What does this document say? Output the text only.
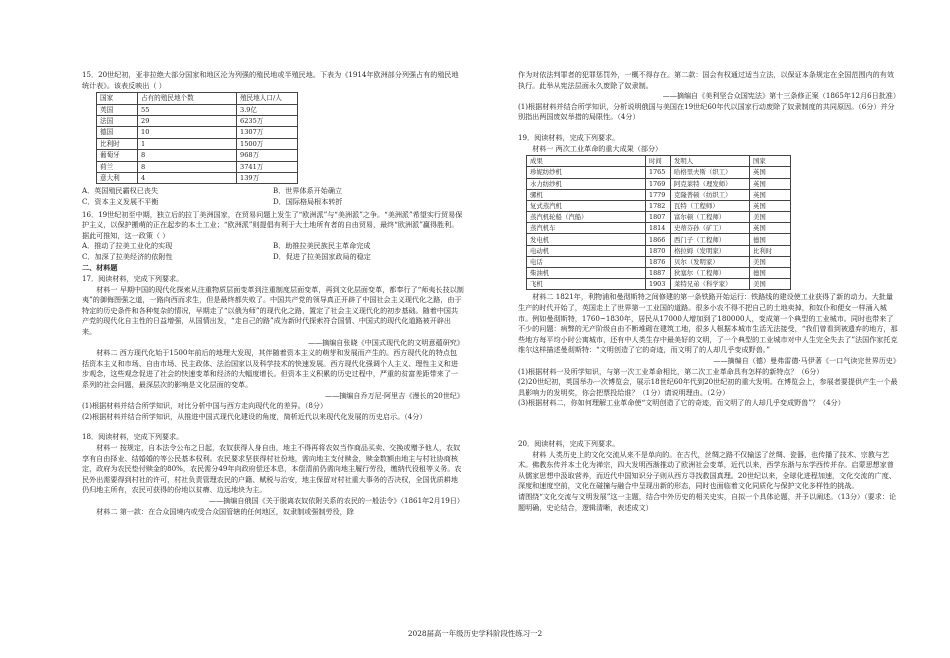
15．20世纪初，亚非拉绝大部分国家和地区沦为列强的殖民地或半殖民地。下表为《1914年欧洲部分列强占有的殖民地统计表》。该表反映出（ ）

国家	占有的殖民地个数	殖民地人口/人
英国	55	3.9亿
法国	29	6235万
德国	10	1307万
比利时	1	1500万
葡萄牙	8	968万
荷兰	8	3741万
意大利	4	139万
A．英国殖民霸权已丧失	B．世界体系开始确立
C．资本主义发展不平衡	D．国际格局根本转折

16．19世纪初至中期，独立后的拉丁美洲国家，在贸易问题上发生了“欧洲派”与“美洲派”之争。“美洲派”希望实行贸易保护主义，以保护搬萌的正在起步的本土工业；“欧洲派”则提倡有利于大土地所有者的自由贸易，最终“欧洲派”赢得胜利。据此可推知，这一政策（ ）

A．推动了拉美工业化的实现	B．助推拉美民族民主革命完成
C．加深了拉美经济的依附性	D．促进了拉美国家政局的稳定

二、材料题

17．阅读材料，完成下列要求。

材料一 早期中国的现代化探索从注重物质层面变革到注重制度层面变革，再到文化层面变革，都奉行了“师夷长技以制夷”的御侮图强之道，一路向西而求生，但是最终都失败了。中国共产党的领导真正开辟了中国社会主义现代化之路，由于特定的历史条件和各种复杂的情况，早期走了“以俄为师”的现代化之路，置定了社会主义现代化的初步基础。随着中国共产党的现代化自主性的日益增强，从国情出发，“走自己的路”成为新时代探索符合国情、中国式的现代化道路被开辟出来。

——摘编自张晓《中国式现代化的文明意蕴研究》

材料二 西方现代化始于1500年前后的地理大发现，其伴随着资本主义的萌芽和发展而产生的。西方现代化的特点包括资本主义和市场、自由市场、民主政体、法治国家以及科学技术的快速发展。西方现代化强调个人主义、理性主义和进步观念，这些观念促进了社会的快速变革和经济的大幅度增长。但资本主义积累的历史过程中，严重的贫富差距带来了一系列的社会问题，最深层次的影响是文化层面的变革。

——摘编自乔万尼·阿里吉《漫长的20世纪》

(1)根据材料并结合所学知识，对比分析中国与西方走向现代化的差异。（8分）

(2)根据材料并结合所学知识，从推进中国式现代化建设的角度，简析近代以来现代化发展的历史启示。（4分）

18．阅读材料，完成下列要求。

材料一 按规定，自本法令公布之日起，农奴获得人身自由，地主不得再将农奴当作商品买卖、交换或赠予他人，农奴享有自由择业、结婚婚的等公民基本权利。农民要求坚获得村社份地，需向地主支付赎金，赎金数额由地主与村社协商核定，政府为农民垫付赎金的80%，农民需分49年向政府偿还本息，本偿清前仍需向地主履行劳役，缴纳代役租等义务。农民外出需要得到村社的许可，村社负责管理农民的户籍、赋税与治安，地主保留对村社重大事务的否决权，全国优质耕地仍归地主所有，农民可获得的份地以贫瘠、边远地块为主。

——摘编自俄国《关于脱离农奴依附关系的农民的一般法令》（1861年2月19日）

材料二 第一款：在合众国境内或受合众国管辖的任何地区，奴隶制或强制劳役，除

作为对依法判罪者的犯罪惩罚外，一概不得存在。第二款：国会有权通过适当立法，以保证本条规定在全国范围内的有效执行。此举从宪法层面永久废除了奴隶制。

——摘编自《美利坚合众国宪法》第十三条修正案（1865年12月6日批准）

(1)根据材料并结合所学知识，分析说明俄国与美国在19世纪60年代以国家行动废除了奴隶制度的共同原因。（6分）并分别指出两国废奴举措的局限性。（4分）

19．阅读材料，完成下列要求。

材料一 两次工业革命的重大成果（部分）

成果	时间	发明人	国家
珍妮纺纱机	1765	哈格里夫斯（织工）	英国
水力纺纱机	1769	阿克莱特（理发师）	英国
骡机	1779	克隆普顿（纺织工）	英国
复式蒸汽机	1782	瓦特（工程师）	英国
蒸汽机轮船（汽船）	1807	富尔顿（工程师）	美国
蒸汽机车	1814	史蒂芬孙（矿工）	英国
发电机	1866	西门子（工程师）	德国
电动机	1870	格拉姆（发明家）	比利时
电话	1876	贝尔（发明家）	美国
柴油机	1887	狄塞尔（工程师）	德国
飞机	1903	莱特兄弟（科学家）	美国

材料二 1821年，利物浦和曼彻斯特之间修建的第一条铁路开始运行：铁路线的建设使工业获得了新的动力。大批量生产的时代开始了，英国走上了世界第一工业国的道路。很多小农不得不把自己的土地卖掉，和奴仆和便女一样涌入城市。例如曼彻斯特，1760~1830年，居民从17000人增加到了180000人，变成第一个典型的工业城市。同时也带来了不少的问题：病弊的无产阶级自由不断堆砌在建筑工地，很多人根据本城市生活无法接受，“我们曾看到被遗弃的地方，那些地方每平均小时公寓城市，还有中人类生存中最美好的文明，了一个典型的工业城市对中人生完全失去了”法国作家托克维尔这样描述曼彻斯特：“文明创造了它的奇迹，而文明了的人却几乎变成野兽。”

——摘编自（德）曼弗雷德·马伊著《一口气读完世界历史》

(1)根据材料一及所学知识，与第一次工业革命相比，第二次工业革命具有怎样的新特点？（6分）

(2)20世纪初，英国举办一次博览会，展示18世纪60年代到20世纪初的重大发明。在博览会上，参展者要提供产生一个最具影响力的发明奖，你会把票投给谁？（1分）请说明理由。（2分）

(3)根据材料二，你如何理解工业革命使“文明创造了它的奇迹，而文明了的人却几乎变成野兽”？（4分）

20．阅读材料，完成下列要求。

材料 人类历史上的文化交流从来不是单向的。在古代，丝绸之路不仅输送了丝绸、瓷器，也传播了技术、宗教与艺术。佛教东传并本土化为禅宗，四大发明西渐推动了欧洲社会变革，近代以来，西学东渐与东学西传并存。启蒙思想家曾从儒家思想中汲取营养，而近代中国知识分子则从西方寻找救国真理。20世纪以来，全球化进程加速，文化交流的广度、深度和速度空前，文化在碰撞与融合中呈现出新的形态，同时也面临着文化同质化与保护文化多样性的挑战。

请围绕“文化交流与文明发展”这一主题，结合中外历史的相关史实，自拟一个具体论题，并予以阐述。（13分）（要求：论题明确，史论结合，逻辑清晰，表述成文）

2028届高一年级历史学科阶段性练习一2
